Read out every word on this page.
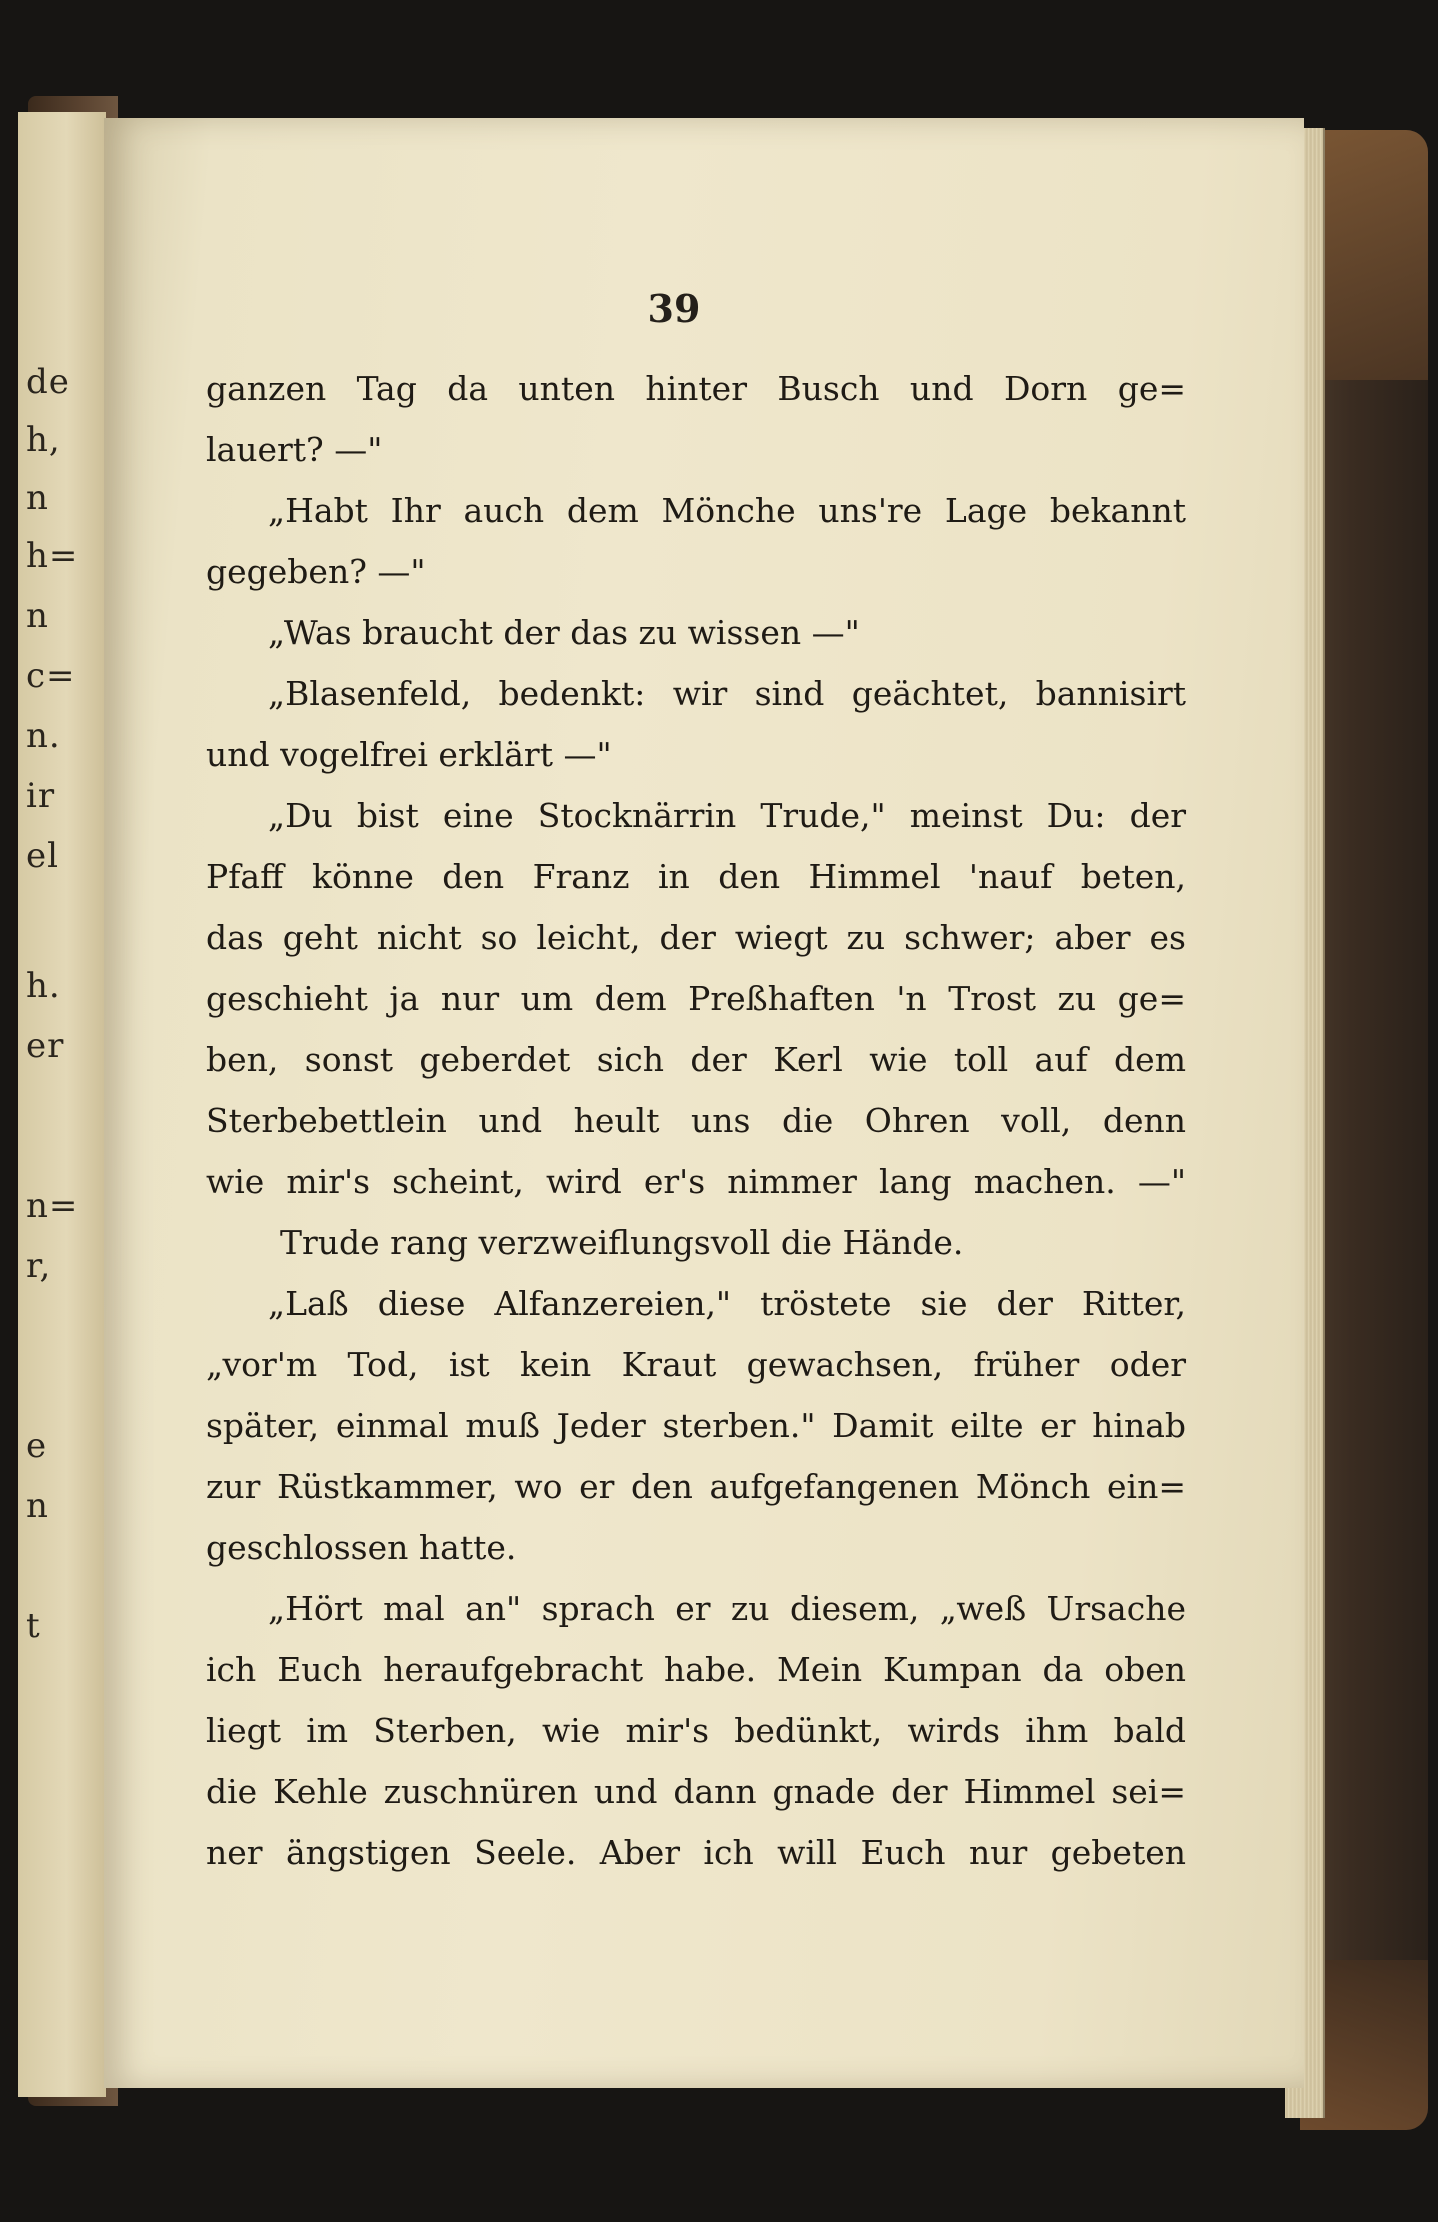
de
h,
n
h=
n
c=
n.
ir
el
h.
er
n=
r,
e
n
t
39
ganzen Tag da unten hinter Busch und Dorn ge=
lauert? —"
„Habt Ihr auch dem Mönche uns're Lage bekannt
gegeben? —"
„Was braucht der das zu wissen —"
„Blasenfeld, bedenkt: wir sind geächtet, bannisirt
und vogelfrei erklärt —"
„Du bist eine Stocknärrin Trude," meinst Du: der
Pfaff könne den Franz in den Himmel 'nauf beten,
das geht nicht so leicht, der wiegt zu schwer; aber es
geschieht ja nur um dem Preßhaften 'n Trost zu ge=
ben, sonst geberdet sich der Kerl wie toll auf dem
Sterbebettlein und heult uns die Ohren voll, denn
wie mir's scheint, wird er's nimmer lang machen. —"
Trude rang verzweiflungsvoll die Hände.
„Laß diese Alfanzereien," tröstete sie der Ritter,
„vor'm Tod, ist kein Kraut gewachsen, früher oder
später, einmal muß Jeder sterben." Damit eilte er hinab
zur Rüstkammer, wo er den aufgefangenen Mönch ein=
geschlossen hatte.
„Hört mal an" sprach er zu diesem, „weß Ursache
ich Euch heraufgebracht habe. Mein Kumpan da oben
liegt im Sterben, wie mir's bedünkt, wirds ihm bald
die Kehle zuschnüren und dann gnade der Himmel sei=
ner ängstigen Seele. Aber ich will Euch nur gebeten
